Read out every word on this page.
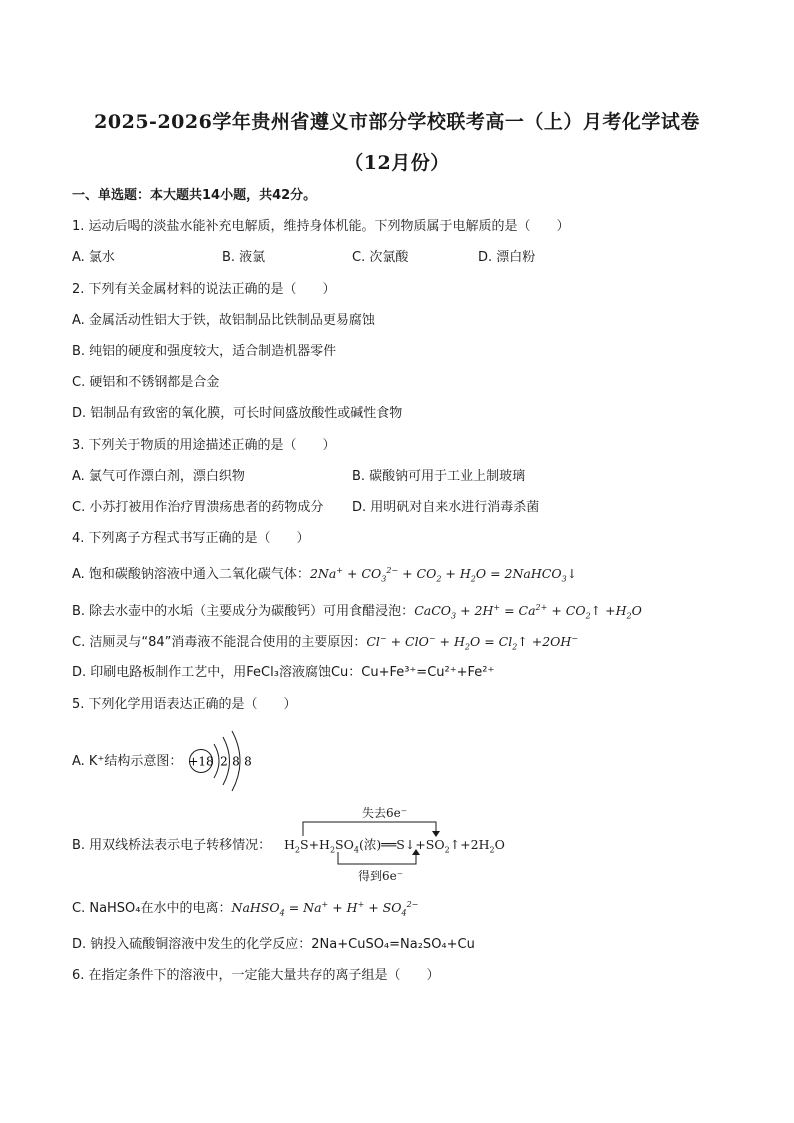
2025-2026学年贵州省遵义市部分学校联考高一（上）月考化学试卷
（12月份）
一、单选题：本大题共14小题，共42分。
1. 运动后喝的淡盐水能补充电解质，维持身体机能。下列物质属于电解质的是（　　）
A. 氯水	B. 液氯	C. 次氯酸	D. 漂白粉
2. 下列有关金属材料的说法正确的是（　　）
A. 金属活动性铝大于铁，故铝制品比铁制品更易腐蚀
B. 纯铝的硬度和强度较大，适合制造机器零件
C. 硬铝和不锈钢都是合金
D. 铝制品有致密的氧化膜，可长时间盛放酸性或碱性食物
3. 下列关于物质的用途描述正确的是（　　）
A. 氯气可作漂白剂，漂白织物	B. 碳酸钠可用于工业上制玻璃
C. 小苏打被用作治疗胃溃疡患者的药物成分 D. 用明矾对自来水进行消毒杀菌
4. 下列离子方程式书写正确的是（　　）
A. 饱和碳酸钠溶液中通入二氧化碳气体：$2Na^+ + CO_3^{2-} + CO_2 + H_2O$ = 2NaHCO$_3$↓
B. 除去水壶中的水垢（主要成分为碳酸钙）可用食醋浸泡：CaCO$_3$ + $2H^+ = Ca^{2+}$ + $CO_2↑ +H_2O$
C. 洁厕灵与“84”消毒液不能混合使用的主要原因：$Cl^- + ClO^- + H_2O$ = $Cl_2↑ +2OH^-$
D. 印刷电路板制作工艺中，用FeCl₃溶液腐蚀Cu：Cu+Fe³⁺=Cu²⁺+Fe²⁺
5. 下列化学用语表达正确的是（　　）
A. K⁺结构示意图： +18 2 8 8
B. 用双线桥法表示电子转移情况：
失去6e⁻
$H_2S+H_2SO_4$(浓)$══S↓+SO_2↑+2H_2O$
得到6e⁻
C. NaHSO₄在水中的电离：NaHSO$_4$ = $Na^+ + H^+ + SO_4^{2-}$
D. 钠投入硫酸铜溶液中发生的化学反应：2Na+CuSO₄=Na₂SO₄+Cu
6. 在指定条件下的溶液中，一定能大量共存的离子组是（　　）
